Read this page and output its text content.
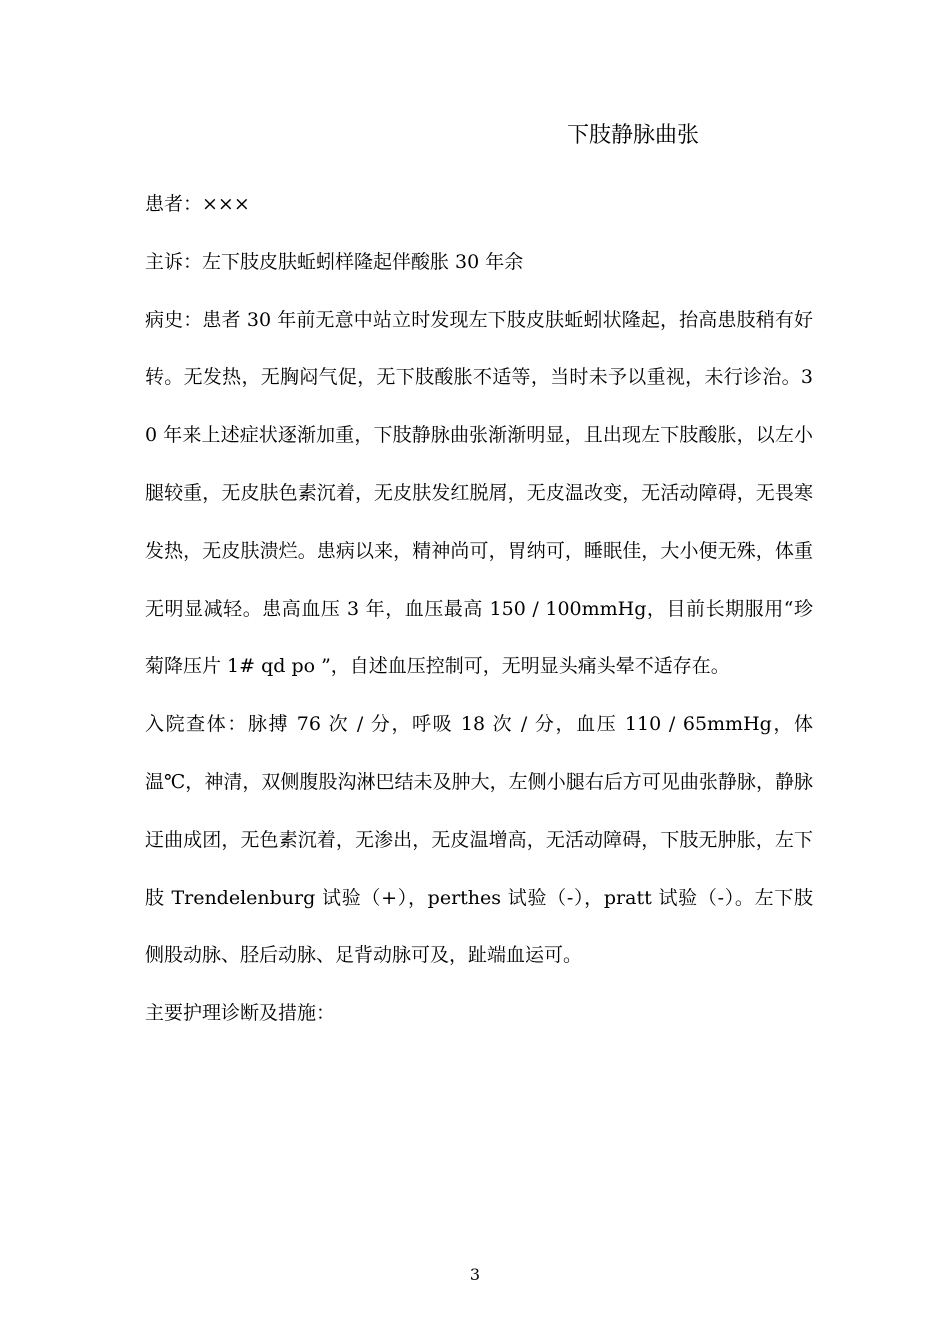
下肢静脉曲张

患者：×××

主诉：左下肢皮肤蚯蚓样隆起伴酸胀 30 年余

病史：患者 30 年前无意中站立时发现左下肢皮肤蚯蚓状隆起，抬高患肢稍有好转。无发热，无胸闷气促，无下肢酸胀不适等，当时未予以重视，未行诊治。30 年来上述症状逐渐加重，下肢静脉曲张渐渐明显，且出现左下肢酸胀，以左小腿较重，无皮肤色素沉着，无皮肤发红脱屑，无皮温改变，无活动障碍，无畏寒发热，无皮肤溃烂。患病以来，精神尚可，胃纳可，睡眠佳，大小便无殊，体重无明显减轻。患高血压 3 年，血压最高 150 / 100mmHg，目前长期服用“珍菊降压片 1# qd po ”，自述血压控制可，无明显头痛头晕不适存在。

入院查体：脉搏 76 次 / 分，呼吸 18 次 / 分，血压 110 / 65mmHg，体温℃，神清，双侧腹股沟淋巴结未及肿大，左侧小腿右后方可见曲张静脉，静脉迂曲成团，无色素沉着，无渗出，无皮温增高，无活动障碍，下肢无肿胀，左下肢 Trendelenburg 试验（+），perthes 试验（-），pratt 试验（-）。左下肢侧股动脉、胫后动脉、足背动脉可及，趾端血运可。

主要护理诊断及措施：

3
